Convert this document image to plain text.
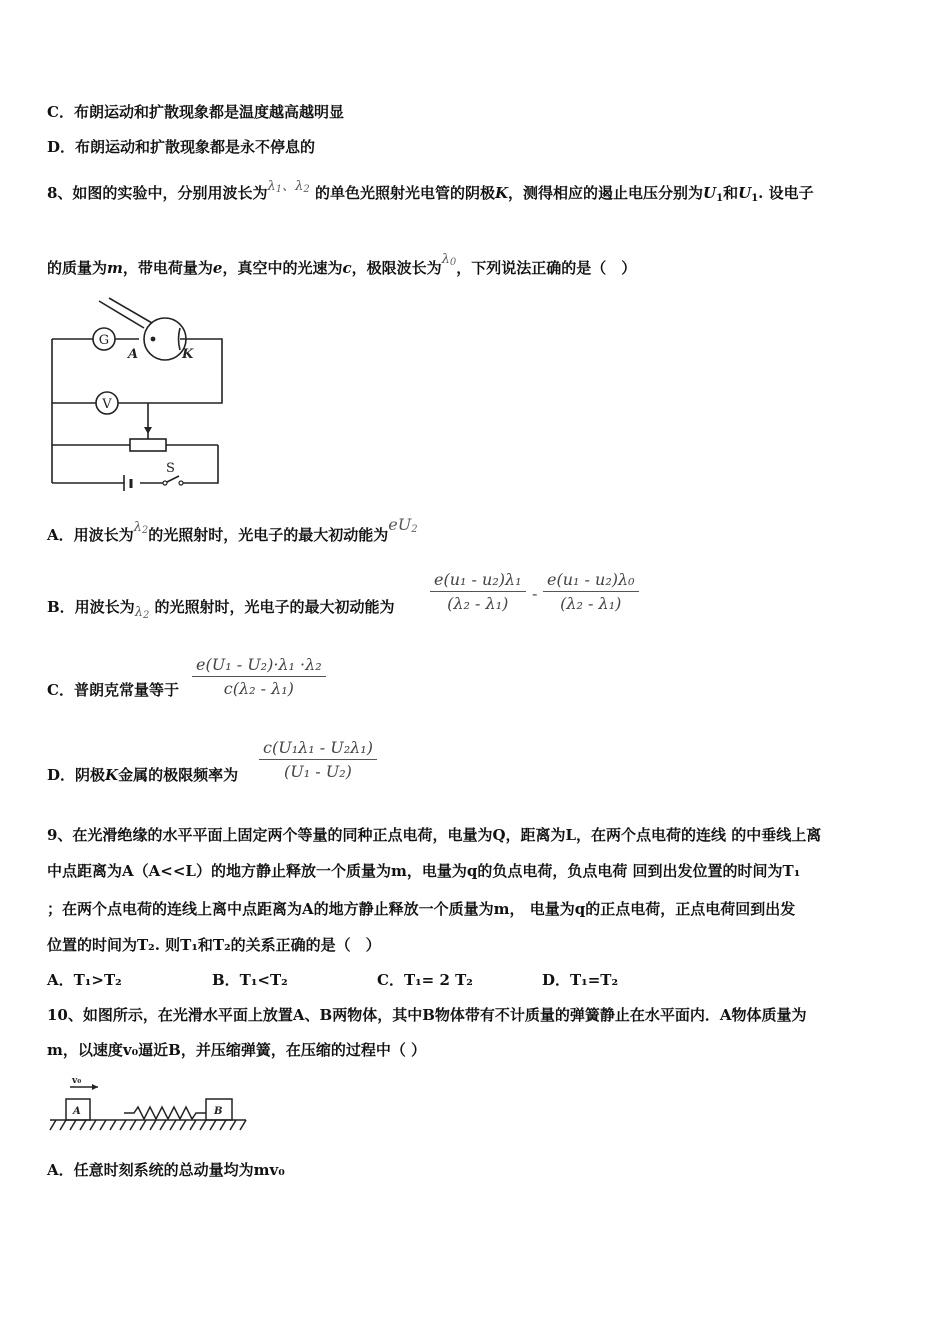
C．布朗运动和扩散现象都是温度越高越明显
D．布朗运动和扩散现象都是永不停息的
8、如图的实验中，分别用波长为λ1、λ2 的单色光照射光电管的阴极K，测得相应的遏止电压分别为$U_1$和$U_1$. 设电子
的质量为m，带电荷量为e，真空中的光速为c，极限波长为λ0，下列说法正确的是（　）
G
V
A	K
S
A．用波长为λ2的光照射时，光电子的最大初动能为eU2
B．用波长为λ2 的光照射时，光电子的最大初动能为 $\frac{\text{e(u₁ - u₂)λ₁}}{\text{(λ₂ - λ₁)}} - \frac{\text{e(u₁ - u₂)λ₀}}{\text{(λ₂ - λ₁)}}$
C．普朗克常量等于 $\frac{\text{e(U₁ - U₂)·λ₁ ·λ₂}}{\text{c(λ₂ - λ₁)}}$
D．阴极K金属的极限频率为 $\frac{\text{c(U₁λ₁ - U₂λ₁)}}{\text{(U₁ - U₂)}}$
9、在光滑绝缘的水平平面上固定两个等量的同种正点电荷，电量为Q，距离为L，在两个点电荷的连线 的中垂线上离
中点距离为A（A<<L）的地方静止释放一个质量为m，电量为q的负点电荷，负点电荷 回到出发位置的时间为T₁
；在两个点电荷的连线上离中点距离为A的地方静止释放一个质量为m， 电量为q的正点电荷，正点电荷回到出发
位置的时间为T₂. 则T₁和T₂的关系正确的是（　）
A．T₁>T₂	B．T₁<T₂	C．T₁= 2 T₂	D．T₁=T₂
10、如图所示，在光滑水平面上放置A、B两物体，其中B物体带有不计质量的弹簧静止在水平面内．A物体质量为
m，以速度v₀逼近B，并压缩弹簧，在压缩的过程中（ ）
v₀
A	B
A．任意时刻系统的总动量均为mv₀
